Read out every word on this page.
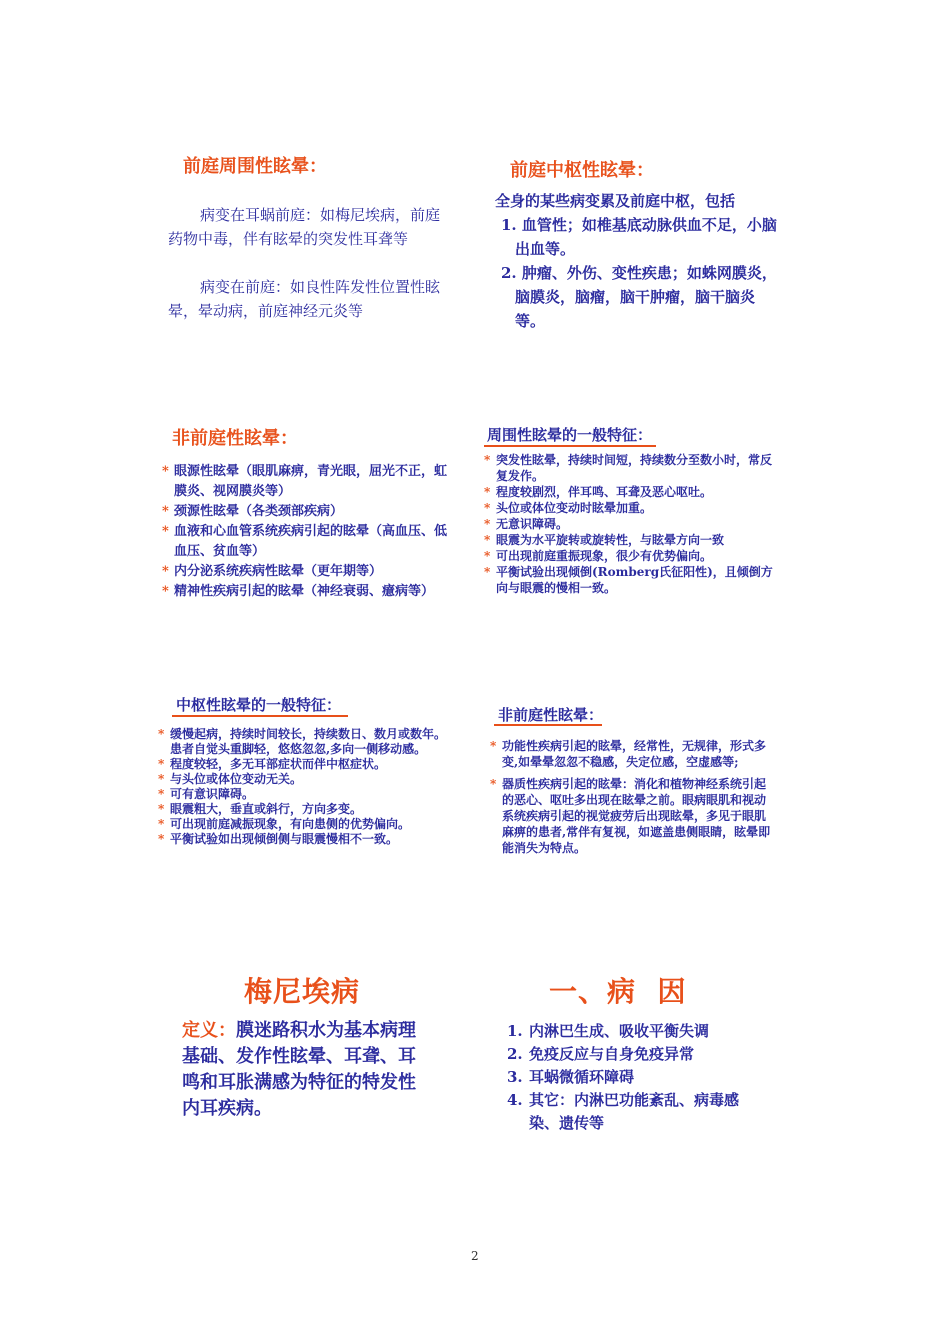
前庭周围性眩晕：
病变在耳蜗前庭：如梅尼埃病，前庭药物中毒，伴有眩晕的突发性耳聋等
病变在前庭：如良性阵发性位置性眩晕，晕动病，前庭神经元炎等
前庭中枢性眩晕：
全身的某些病变累及前庭中枢，包括
1. 血管性；如椎基底动脉供血不足，小脑出血等。
2. 肿瘤、外伤、变性疾患；如蛛网膜炎，脑膜炎，脑瘤，脑干肿瘤，脑干脑炎等。
非前庭性眩晕：
* 眼源性眩晕（眼肌麻痹，青光眼，屈光不正，虹膜炎、视网膜炎等）
* 颈源性眩晕（各类颈部疾病）
* 血液和心血管系统疾病引起的眩晕（高血压、低血压、贫血等）
* 内分泌系统疾病性眩晕（更年期等）
* 精神性疾病引起的眩晕（神经衰弱、癔病等）
周围性眩晕的一般特征：
* 突发性眩晕，持续时间短，持续数分至数小时，常反复发作。
* 程度较剧烈，伴耳鸣、耳聋及恶心呕吐。
* 头位或体位变动时眩晕加重。
* 无意识障碍。
* 眼震为水平旋转或旋转性，与眩晕方向一致
* 可出现前庭重振现象，很少有优势偏向。
* 平衡试验出现倾倒(Romberg氏征阳性)，且倾倒方向与眼震的慢相一致。
中枢性眩晕的一般特征：
* 缓慢起病，持续时间较长，持续数日、数月或数年。患者自觉头重脚轻，悠悠忽忽,多向一侧移动感。
* 程度较轻，多无耳部症状而伴中枢症状。
* 与头位或体位变动无关。
* 可有意识障碍。
* 眼震粗大，垂直或斜行，方向多变。
* 可出现前庭减振现象，有向患侧的优势偏向。
* 平衡试验如出现倾倒侧与眼震慢相不一致。
非前庭性眩晕：
* 功能性疾病引起的眩晕，经常性，无规律，形式多变,如晕晕忽忽不稳感，失定位感，空虚感等;
* 器质性疾病引起的眩晕：消化和植物神经系统引起的恶心、呕吐多出现在眩晕之前。眼病眼肌和视动系统疾病引起的视觉疲劳后出现眩晕，多见于眼肌麻痹的患者,常伴有复视，如遮盖患侧眼睛，眩晕即能消失为特点。
梅尼埃病
定义：膜迷路积水为基本病理基础、发作性眩晕、耳聋、耳鸣和耳胀满感为特征的特发性内耳疾病。
一、病  因
1. 内淋巴生成、吸收平衡失调
2. 免疫反应与自身免疫异常
3. 耳蜗微循环障碍
4. 其它：内淋巴功能紊乱、病毒感染、遗传等
2
